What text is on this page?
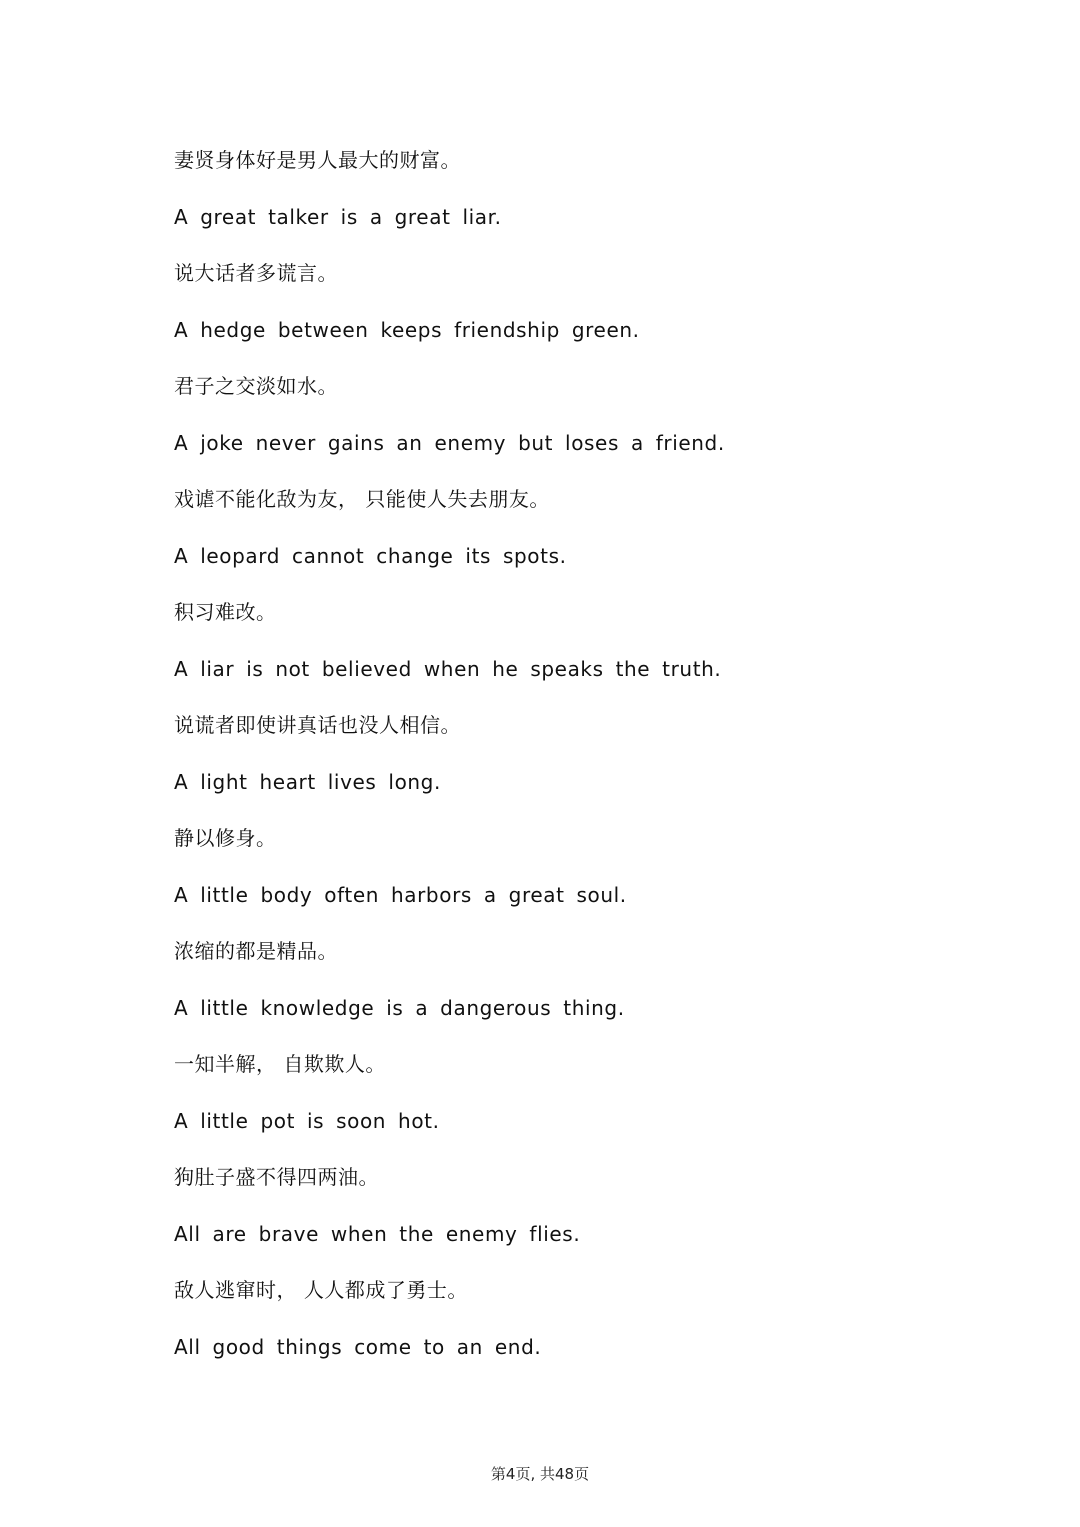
妻贤身体好是男人最大的财富。
A great talker is a great liar.
说大话者多谎言。
A hedge between keeps friendship green.
君子之交淡如水。
A joke never gains an enemy but loses a friend.
戏谑不能化敌为友， 只能使人失去朋友。
A leopard cannot change its spots.
积习难改。
A liar is not believed when he speaks the truth.
说谎者即使讲真话也没人相信。
A light heart lives long.
静以修身。
A little body often harbors a great soul.
浓缩的都是精品。
A little knowledge is a dangerous thing.
一知半解， 自欺欺人。
A little pot is soon hot.
狗肚子盛不得四两油。
All are brave when the enemy flies.
敌人逃窜时， 人人都成了勇士。
All good things come to an end.
第4页, 共48页
